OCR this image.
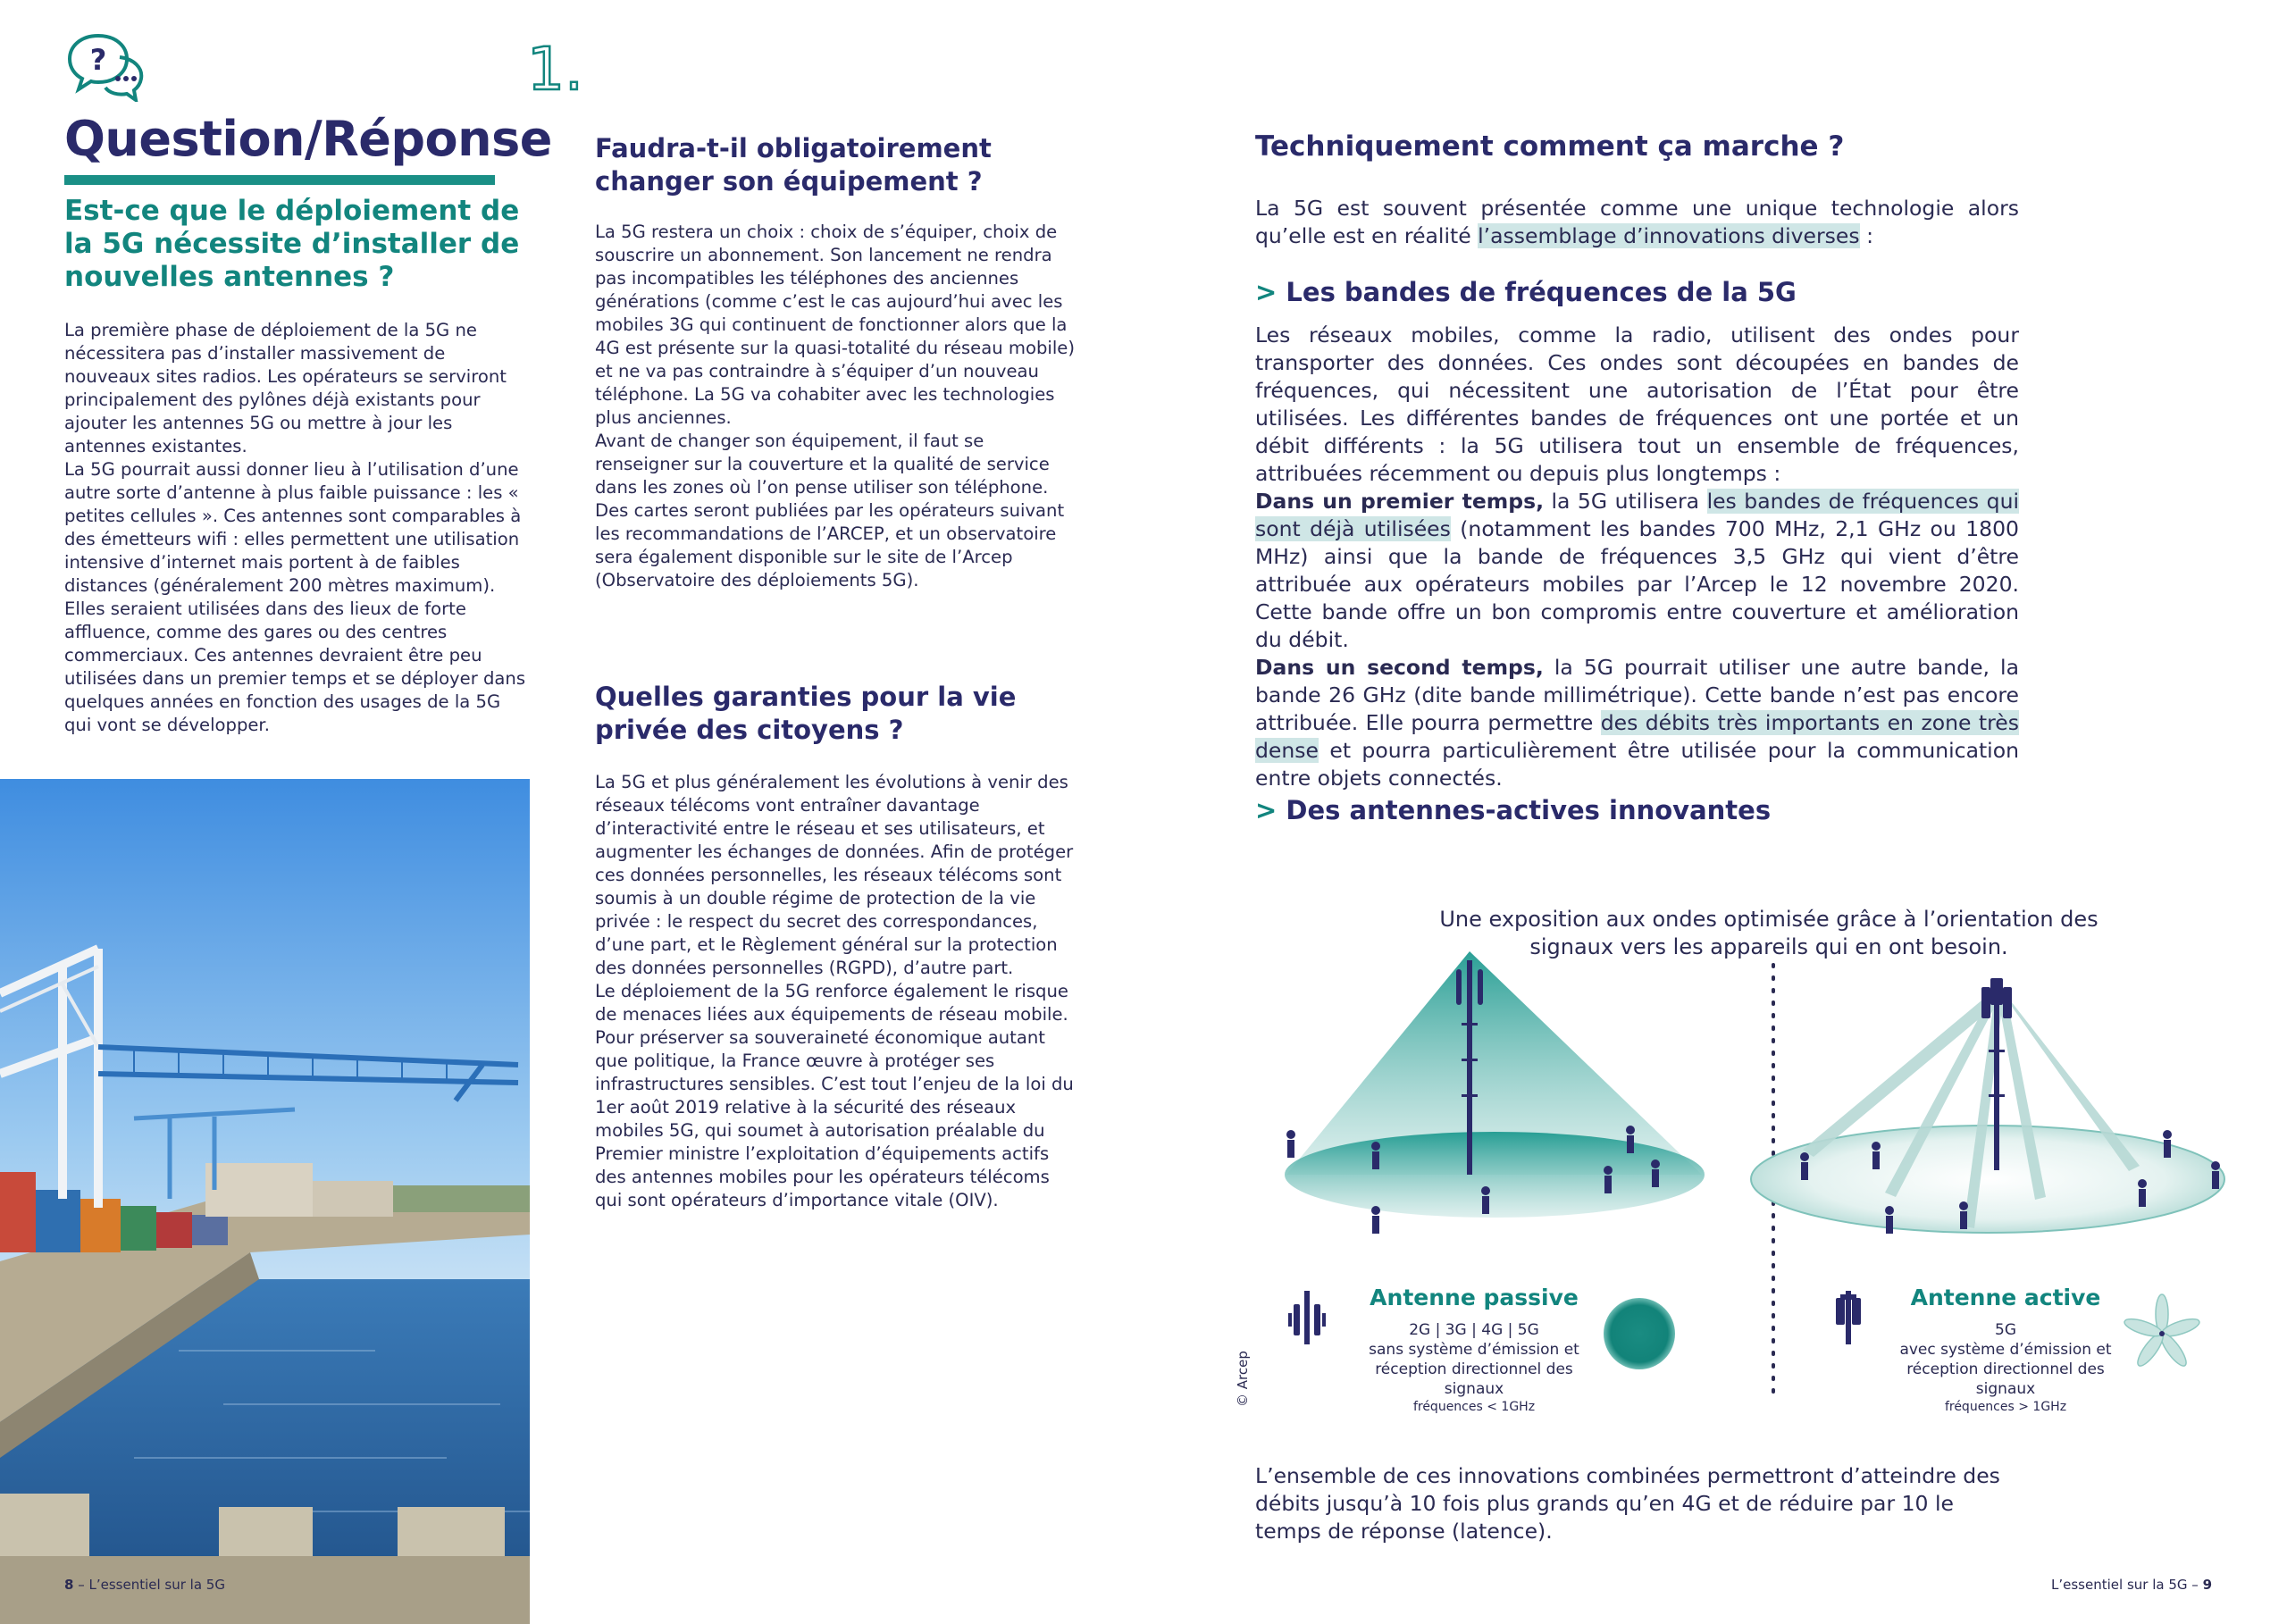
?	1.
Question/Réponse
Est-ce que le déploiement de la 5G nécessite d’installer de nouvelles antennes ?

La première phase de déploiement de la 5G ne nécessitera pas d’installer massivement de nouveaux sites radios. Les opérateurs se serviront principalement des pylônes déjà existants pour ajouter les antennes 5G ou mettre à jour les antennes existantes.

La 5G pourrait aussi donner lieu à l’utilisation d’une autre sorte d’antenne à plus faible puissance : les « petites cellules ». Ces antennes sont comparables à des émetteurs wifi : elles permettent une utilisation intensive d’internet mais portent à de faibles distances (généralement 200 mètres maximum). Elles seraient utilisées dans des lieux de forte affluence, comme des gares ou des centres commerciaux. Ces antennes devraient être peu utilisées dans un premier temps et se déployer dans quelques années en fonction des usages de la 5G qui vont se développer.

8 – L’essentiel sur la 5G
Faudra-t-il obligatoirement changer son équipement ?

La 5G restera un choix : choix de s’équiper, choix de souscrire un abonnement. Son lancement ne rendra pas incompatibles les téléphones des anciennes générations (comme c’est le cas aujourd’hui avec les mobiles 3G qui continuent de fonctionner alors que la 4G est présente sur la quasi-totalité du réseau mobile) et ne va pas contraindre à s’équiper d’un nouveau téléphone. La 5G va cohabiter avec les technologies plus anciennes.

Avant de changer son équipement, il faut se renseigner sur la couverture et la qualité de service dans les zones où l’on pense utiliser son téléphone. Des cartes seront publiées par les opérateurs suivant les recommandations de l’ARCEP, et un observatoire sera également disponible sur le site de l’Arcep (Observatoire des déploiements 5G).

Quelles garanties pour la vie privée des citoyens ?

La 5G et plus généralement les évolutions à venir des réseaux télécoms vont entraîner davantage d’interactivité entre le réseau et ses utilisateurs, et augmenter les échanges de données. Afin de protéger ces données personnelles, les réseaux télécoms sont soumis à un double régime de protection de la vie privée : le respect du secret des correspondances, d’une part, et le Règlement général sur la protection des données personnelles (RGPD), d’autre part.

Le déploiement de la 5G renforce également le risque de menaces liées aux équipements de réseau mobile. Pour préserver sa souveraineté économique autant que politique, la France œuvre à protéger ses infrastructures sensibles. C’est tout l’enjeu de la loi du 1er août 2019 relative à la sécurité des réseaux mobiles 5G, qui soumet à autorisation préalable du Premier ministre l’exploitation d’équipements actifs des antennes mobiles pour les opérateurs télécoms qui sont opérateurs d’importance vitale (OIV).

Techniquement comment ça marche ?
La 5G est souvent présentée comme une unique technologie alors qu’elle est en réalité l’assemblage d’innovations diverses :
> Les bandes de fréquences de la 5G

Les réseaux mobiles, comme la radio, utilisent des ondes pour transporter des données. Ces ondes sont découpées en bandes de fréquences, qui nécessitent une autorisation de l’État pour être utilisées. Les différentes bandes de fréquences ont une portée et un débit différents : la 5G utilisera tout un ensemble de fréquences, attribuées récemment ou depuis plus longtemps :

Dans un premier temps, la 5G utilisera les bandes de fréquences qui sont déjà utilisées (notamment les bandes 700 MHz, 2,1 GHz ou 1800 MHz) ainsi que la bande de fréquences 3,5 GHz qui vient d’être attribuée aux opérateurs mobiles par l’Arcep le 12 novembre 2020. Cette bande offre un bon compromis entre couverture et amélioration du débit.

Dans un second temps, la 5G pourrait utiliser une autre bande, la bande 26 GHz (dite bande millimétrique). Cette bande n’est pas encore attribuée. Elle pourra permettre des débits très importants en zone très dense et pourra particulièrement être utilisée pour la communication entre objets connectés.

> Des antennes-actives innovantes
Une exposition aux ondes optimisée grâce à l’orientation des signaux vers les appareils qui en ont besoin.
Antenne passive
2G | 3G | 4G | 5G
sans système d’émission et réception directionnel des signaux
fréquences < 1GHz
Antenne active
5G
avec système d’émission et réception directionnel des signaux
fréquences > 1GHz
© Arcep
L’ensemble de ces innovations combinées permettront d’atteindre des débits jusqu’à 10 fois plus grands qu’en 4G et de réduire par 10 le temps de réponse (latence).
L’essentiel sur la 5G – 9
